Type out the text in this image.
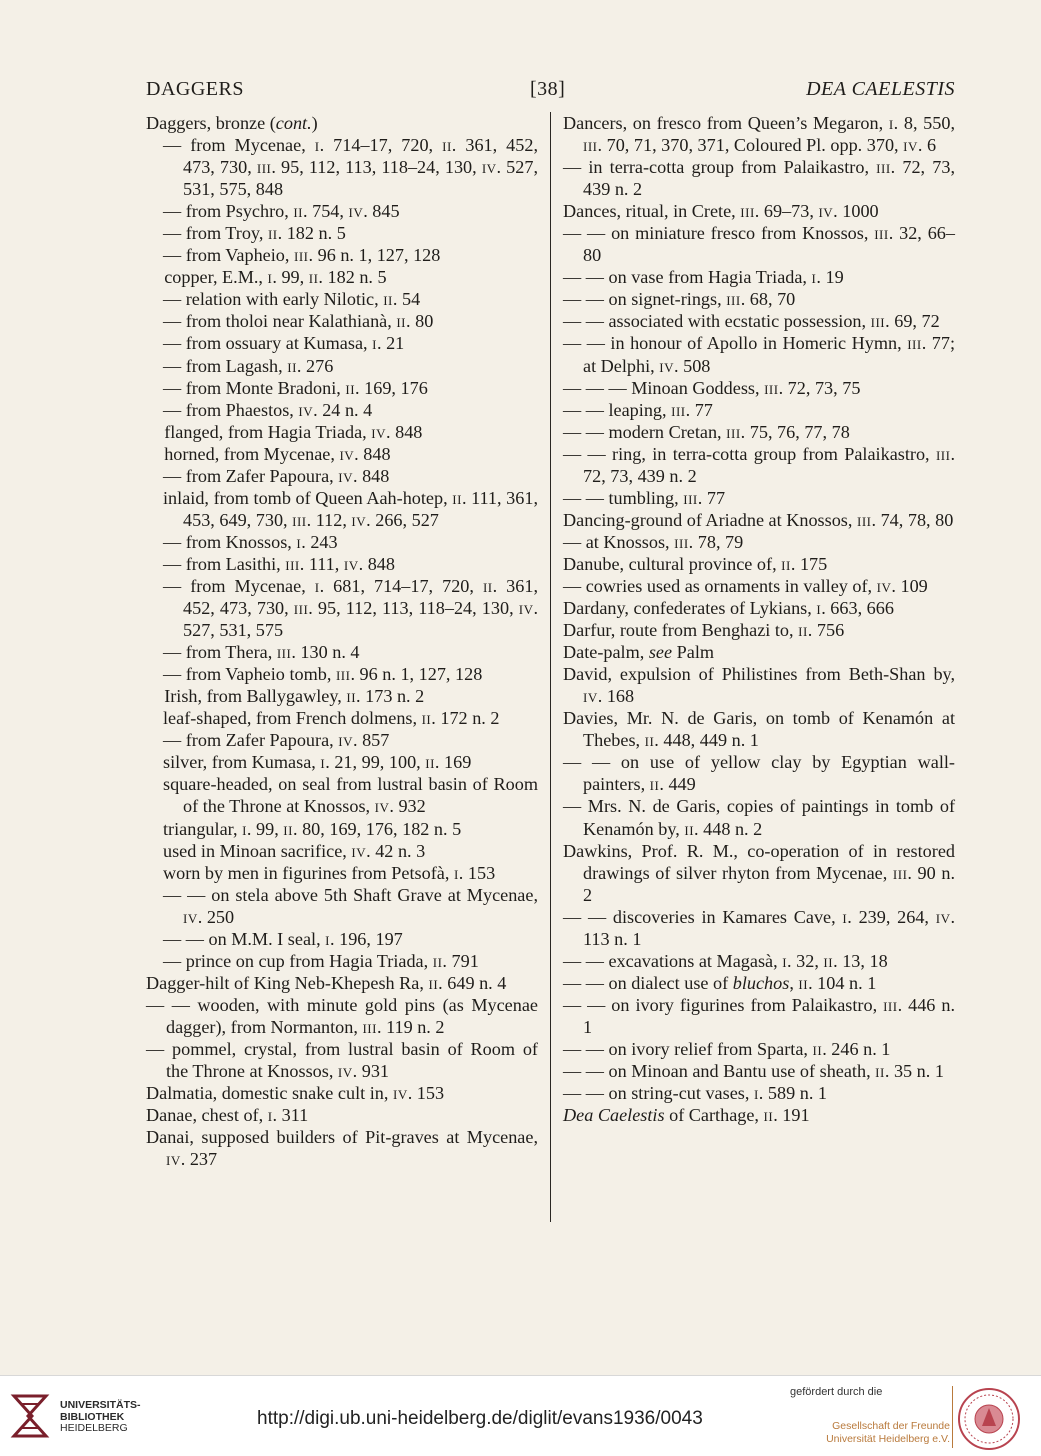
DAGGERS	[38]	DEA CAELESTIS
Daggers, bronze (cont.)
— from Mycenae, i. 714–17, 720, ii. 361, 452, 473, 730, iii. 95, 112, 113, 118–24, 130, iv. 527, 531, 575, 848
— from Psychro, ii. 754, iv. 845
— from Troy, ii. 182 n. 5
— from Vapheio, iii. 96 n. 1, 127, 128
copper, E.M., i. 99, ii. 182 n. 5
— relation with early Nilotic, ii. 54
— from tholoi near Kalathianà, ii. 80
— from ossuary at Kumasa, i. 21
— from Lagash, ii. 276
— from Monte Bradoni, ii. 169, 176
— from Phaestos, iv. 24 n. 4
flanged, from Hagia Triada, iv. 848
horned, from Mycenae, iv. 848
— from Zafer Papoura, iv. 848
inlaid, from tomb of Queen Aah-hotep, ii. 111, 361, 453, 649, 730, iii. 112, iv. 266, 527
— from Knossos, i. 243
— from Lasithi, iii. 111, iv. 848
— from Mycenae, i. 681, 714–17, 720, ii. 361, 452, 473, 730, iii. 95, 112, 113, 118–24, 130, iv. 527, 531, 575
— from Thera, iii. 130 n. 4
— from Vapheio tomb, iii. 96 n. 1, 127, 128
Irish, from Ballygawley, ii. 173 n. 2
leaf-shaped, from French dolmens, ii. 172 n. 2
— from Zafer Papoura, iv. 857
silver, from Kumasa, i. 21, 99, 100, ii. 169
square-headed, on seal from lustral basin of Room of the Throne at Knossos, iv. 932
triangular, i. 99, ii. 80, 169, 176, 182 n. 5
used in Minoan sacrifice, iv. 42 n. 3
worn by men in figurines from Petsofà, i. 153
— — on stela above 5th Shaft Grave at Mycenae, iv. 250
— — on M.M. I seal, i. 196, 197
— prince on cup from Hagia Triada, ii. 791
Dagger-hilt of King Neb-Khepesh Ra, ii. 649 n. 4
— — wooden, with minute gold pins (as Mycenae dagger), from Normanton, iii. 119 n. 2
— pommel, crystal, from lustral basin of Room of the Throne at Knossos, iv. 931
Dalmatia, domestic snake cult in, iv. 153
Danae, chest of, i. 311
Danai, supposed builders of Pit-graves at Mycenae, iv. 237
Dancers, on fresco from Queen’s Megaron, i. 8, 550, iii. 70, 71, 370, 371, Coloured Pl. opp. 370, iv. 6
— in terra-cotta group from Palaikastro, iii. 72, 73, 439 n. 2
Dances, ritual, in Crete, iii. 69–73, iv. 1000
— — on miniature fresco from Knossos, iii. 32, 66–80
— — on vase from Hagia Triada, i. 19
— — on signet-rings, iii. 68, 70
— — associated with ecstatic possession, iii. 69, 72
— — in honour of Apollo in Homeric Hymn, iii. 77; at Delphi, iv. 508
— — — Minoan Goddess, iii. 72, 73, 75
— — leaping, iii. 77
— — modern Cretan, iii. 75, 76, 77, 78
— — ring, in terra-cotta group from Palaikastro, iii. 72, 73, 439 n. 2
— — tumbling, iii. 77
Dancing-ground of Ariadne at Knossos, iii. 74, 78, 80
— at Knossos, iii. 78, 79
Danube, cultural province of, ii. 175
— cowries used as ornaments in valley of, iv. 109
Dardany, confederates of Lykians, i. 663, 666
Darfur, route from Benghazi to, ii. 756
Date-palm, see Palm
David, expulsion of Philistines from Beth-Shan by, iv. 168
Davies, Mr. N. de Garis, on tomb of Kenamón at Thebes, ii. 448, 449 n. 1
— — on use of yellow clay by Egyptian wall-painters, ii. 449
— Mrs. N. de Garis, copies of paintings in tomb of Kenamón by, ii. 448 n. 2
Dawkins, Prof. R. M., co-operation of in restored drawings of silver rhyton from Mycenae, iii. 90 n. 2
— — discoveries in Kamares Cave, i. 239, 264, iv. 113 n. 1
— — excavations at Magasà, i. 32, ii. 13, 18
— — on dialect use of bluchos, ii. 104 n. 1
— — on ivory figurines from Palaikastro, iii. 446 n. 1
— — on ivory relief from Sparta, ii. 246 n. 1
— — on Minoan and Bantu use of sheath, ii. 35 n. 1
— — on string-cut vases, i. 589 n. 1
Dea Caelestis of Carthage, ii. 191
UNIVERSITÄTS-
BIBLIOTHEK
HEIDELBERG	http://digi.ub.uni-heidelberg.de/diglit/evans1936/0043
gefördert durch die
Gesellschaft der Freunde
Universität Heidelberg e.V.
